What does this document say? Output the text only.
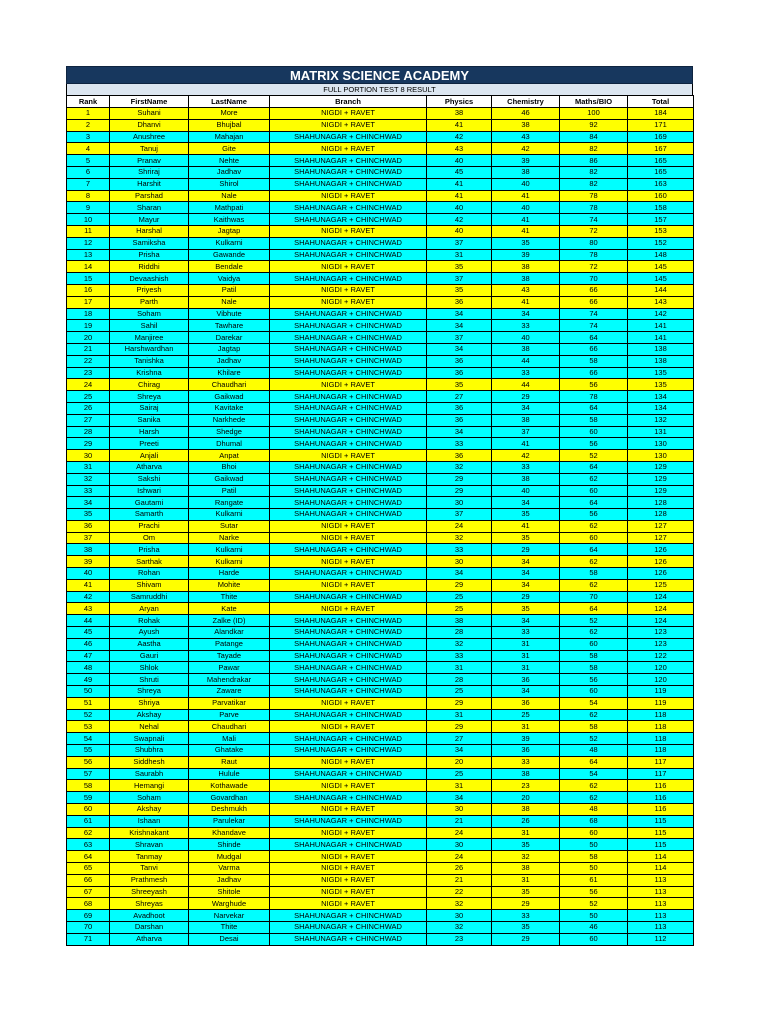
MATRIX SCIENCE ACADEMY
FULL PORTION TEST 8 RESULT
Rank	FirstName	LastName	Branch	Physics	Chemistry	Maths/BIO	Total
1	Suhani	More	NIGDI + RAVET	38	46	100	184
2	Dhanvi	Bhujbal	NIGDI + RAVET	41	38	92	171
3	Anushree	Mahajan	SHAHUNAGAR + CHINCHWAD	42	43	84	169
4	Tanuj	Gite	NIGDI + RAVET	43	42	82	167
5	Pranav	Nehte	SHAHUNAGAR + CHINCHWAD	40	39	86	165
6	Shriraj	Jadhav	SHAHUNAGAR + CHINCHWAD	45	38	82	165
7	Harshit	Shirol	SHAHUNAGAR + CHINCHWAD	41	40	82	163
8	Parshad	Nale	NIGDI + RAVET	41	41	78	160
9	Sharan	Mathpati	SHAHUNAGAR + CHINCHWAD	40	40	78	158
10	Mayur	Kaithwas	SHAHUNAGAR + CHINCHWAD	42	41	74	157
11	Harshal	Jagtap	NIGDI + RAVET	40	41	72	153
12	Samiksha	Kulkarni	SHAHUNAGAR + CHINCHWAD	37	35	80	152
13	Prisha	Gawande	SHAHUNAGAR + CHINCHWAD	31	39	78	148
14	Riddhi	Bendale	NIGDI + RAVET	35	38	72	145
15	Devaashish	Vaidya	SHAHUNAGAR + CHINCHWAD	37	38	70	145
16	Priyesh	Patil	NIGDI + RAVET	35	43	66	144
17	Parth	Nale	NIGDI + RAVET	36	41	66	143
18	Soham	Vibhute	SHAHUNAGAR + CHINCHWAD	34	34	74	142
19	Sahil	Tawhare	SHAHUNAGAR + CHINCHWAD	34	33	74	141
20	Manjiree	Darekar	SHAHUNAGAR + CHINCHWAD	37	40	64	141
21	Harshwardhan	Jagtap	SHAHUNAGAR + CHINCHWAD	34	38	66	138
22	Tanishka	Jadhav	SHAHUNAGAR + CHINCHWAD	36	44	58	138
23	Krishna	Khilare	SHAHUNAGAR + CHINCHWAD	36	33	66	135
24	Chirag	Chaudhari	NIGDI + RAVET	35	44	56	135
25	Shreya	Gaikwad	SHAHUNAGAR + CHINCHWAD	27	29	78	134
26	Sairaj	Kavitake	SHAHUNAGAR + CHINCHWAD	36	34	64	134
27	Sanika	Narkhede	SHAHUNAGAR + CHINCHWAD	36	38	58	132
28	Harsh	Shedge	SHAHUNAGAR + CHINCHWAD	34	37	60	131
29	Preeti	Dhumal	SHAHUNAGAR + CHINCHWAD	33	41	56	130
30	Anjali	Anpat	NIGDI + RAVET	36	42	52	130
31	Atharva	Bhoi	SHAHUNAGAR + CHINCHWAD	32	33	64	129
32	Sakshi	Gaikwad	SHAHUNAGAR + CHINCHWAD	29	38	62	129
33	Ishwari	Patil	SHAHUNAGAR + CHINCHWAD	29	40	60	129
34	Gautami	Rangate	SHAHUNAGAR + CHINCHWAD	30	34	64	128
35	Samarth	Kulkarni	SHAHUNAGAR + CHINCHWAD	37	35	56	128
36	Prachi	Sutar	NIGDI + RAVET	24	41	62	127
37	Om	Narke	NIGDI + RAVET	32	35	60	127
38	Prisha	Kulkarni	SHAHUNAGAR + CHINCHWAD	33	29	64	126
39	Sarthak	Kulkarni	NIGDI + RAVET	30	34	62	126
40	Rohan	Harde	SHAHUNAGAR + CHINCHWAD	34	34	58	126
41	Shivam	Mohite	NIGDI + RAVET	29	34	62	125
42	Samruddhi	Thite	SHAHUNAGAR + CHINCHWAD	25	29	70	124
43	Aryan	Kate	NIGDI + RAVET	25	35	64	124
44	Rohak	Zalke (ID)	SHAHUNAGAR + CHINCHWAD	38	34	52	124
45	Ayush	Alandkar	SHAHUNAGAR + CHINCHWAD	28	33	62	123
46	Aastha	Patange	SHAHUNAGAR + CHINCHWAD	32	31	60	123
47	Gauri	Tayade	SHAHUNAGAR + CHINCHWAD	33	31	58	122
48	Shlok	Pawar	SHAHUNAGAR + CHINCHWAD	31	31	58	120
49	Shruti	Mahendrakar	SHAHUNAGAR + CHINCHWAD	28	36	56	120
50	Shreya	Zaware	SHAHUNAGAR + CHINCHWAD	25	34	60	119
51	Shriya	Parvatikar	NIGDI + RAVET	29	36	54	119
52	Akshay	Parve	SHAHUNAGAR + CHINCHWAD	31	25	62	118
53	Nehal	Chaudhari	NIGDI + RAVET	29	31	58	118
54	Swapnali	Mali	SHAHUNAGAR + CHINCHWAD	27	39	52	118
55	Shubhra	Ghatake	SHAHUNAGAR + CHINCHWAD	34	36	48	118
56	Siddhesh	Raut	NIGDI + RAVET	20	33	64	117
57	Saurabh	Hulule	SHAHUNAGAR + CHINCHWAD	25	38	54	117
58	Hemangi	Kothawade	NIGDI + RAVET	31	23	62	116
59	Soham	Govardhan	SHAHUNAGAR + CHINCHWAD	34	20	62	116
60	Akshay	Deshmukh	NIGDI + RAVET	30	38	48	116
61	Ishaan	Parulekar	SHAHUNAGAR + CHINCHWAD	21	26	68	115
62	Krishnakant	Khandave	NIGDI + RAVET	24	31	60	115
63	Shravan	Shinde	SHAHUNAGAR + CHINCHWAD	30	35	50	115
64	Tanmay	Mudgal	NIGDI + RAVET	24	32	58	114
65	Tanvi	Varma	NIGDI + RAVET	26	38	50	114
66	Prathmesh	Jadhav	NIGDI + RAVET	21	31	61	113
67	Shreeyash	Shitole	NIGDI + RAVET	22	35	56	113
68	Shreyas	Warghude	NIGDI + RAVET	32	29	52	113
69	Avadhoot	Narvekar	SHAHUNAGAR + CHINCHWAD	30	33	50	113
70	Darshan	Thite	SHAHUNAGAR + CHINCHWAD	32	35	46	113
71	Atharva	Desai	SHAHUNAGAR + CHINCHWAD	23	29	60	112
